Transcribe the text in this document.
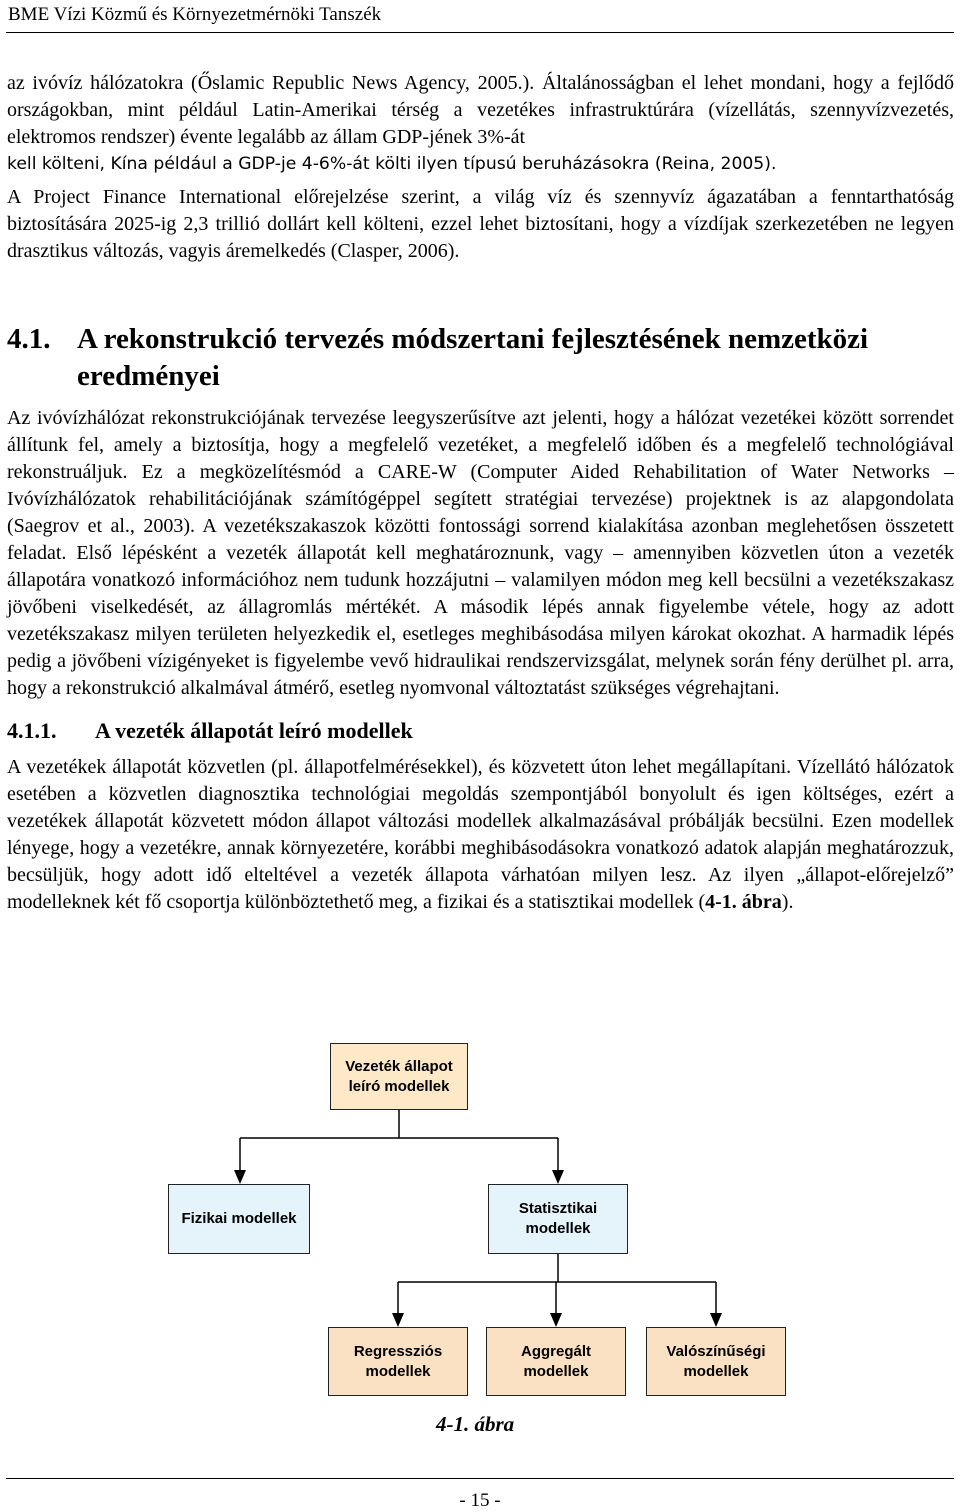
BME Vízi Közmű és Környezetmérnöki Tanszék

az ivóvíz hálózatokra (Őslamic Republic News Agency, 2005.). Általánosságban el lehet mondani, hogy a fejlődő országokban, mint például Latin-Amerikai térség a vezetékes infrastruktúrára (vízellátás, szennyvízvezetés, elektromos rendszer) évente legalább az állam GDP-jének 3%-át

kell költeni, Kína például a GDP-je 4-6%-át költi ilyen típusú beruházásokra (Reina, 2005).

A Project Finance International előrejelzése szerint, a világ víz és szennyvíz ágazatában a fenntarthatóság biztosítására 2025-ig 2,3 trillió dollárt kell költeni, ezzel lehet biztosítani, hogy a vízdíjak szerkezetében ne legyen drasztikus változás, vagyis áremelkedés (Clasper, 2006).

4.1. A rekonstrukció tervezés módszertani fejlesztésének nemzetközi eredményei

Az ivóvízhálózat rekonstrukciójának tervezése leegyszerűsítve azt jelenti, hogy a hálózat vezetékei között sorrendet állítunk fel, amely a biztosítja, hogy a megfelelő vezetéket, a megfelelő időben és a megfelelő technológiával rekonstruáljuk. Ez a megközelítésmód a CARE-W (Computer Aided Rehabilitation of Water Networks – Ivóvízhálózatok rehabilitációjának számítógéppel segített stratégiai tervezése) projektnek is az alapgondolata (Saegrov et al., 2003). A vezetékszakaszok közötti fontossági sorrend kialakítása azonban meglehetősen összetett feladat. Első lépésként a vezeték állapotát kell meghatároznunk, vagy – amennyiben közvetlen úton a vezeték állapotára vonatkozó információhoz nem tudunk hozzájutni – valamilyen módon meg kell becsülni a vezetékszakasz jövőbeni viselkedését, az állagromlás mértékét. A második lépés annak figyelembe vétele, hogy az adott vezetékszakasz milyen területen helyezkedik el, esetleges meghibásodása milyen károkat okozhat. A harmadik lépés pedig a jövőbeni vízigényeket is figyelembe vevő hidraulikai rendszervizsgálat, melynek során fény derülhet pl. arra, hogy a rekonstrukció alkalmával átmérő, esetleg nyomvonal változtatást szükséges végrehajtani.

4.1.1.	A vezeték állapotát leíró modellek

A vezetékek állapotát közvetlen (pl. állapotfelmérésekkel), és közvetett úton lehet megállapítani. Vízellátó hálózatok esetében a közvetlen diagnosztika technológiai megoldás szempontjából bonyolult és igen költséges, ezért a vezetékek állapotát közvetett módon állapot változási modellek alkalmazásával próbálják becsülni. Ezen modellek lényege, hogy a vezetékre, annak környezetére, korábbi meghibásodásokra vonatkozó adatok alapján meghatározzuk, becsüljük, hogy adott idő elteltével a vezeték állapota várhatóan milyen lesz. Az ilyen „állapot-előrejelző” modelleknek két fő csoportja különböztethető meg, a fizikai és a statisztikai modellek (4-1. ábra).

Vezeték állapot
leíró modellek
Fizikai modellek
Statisztikai
modellek
Regressziós
modellek
Aggregált
modellek
Valószínűségi
modellek
4-1. ábra
- 15 -
